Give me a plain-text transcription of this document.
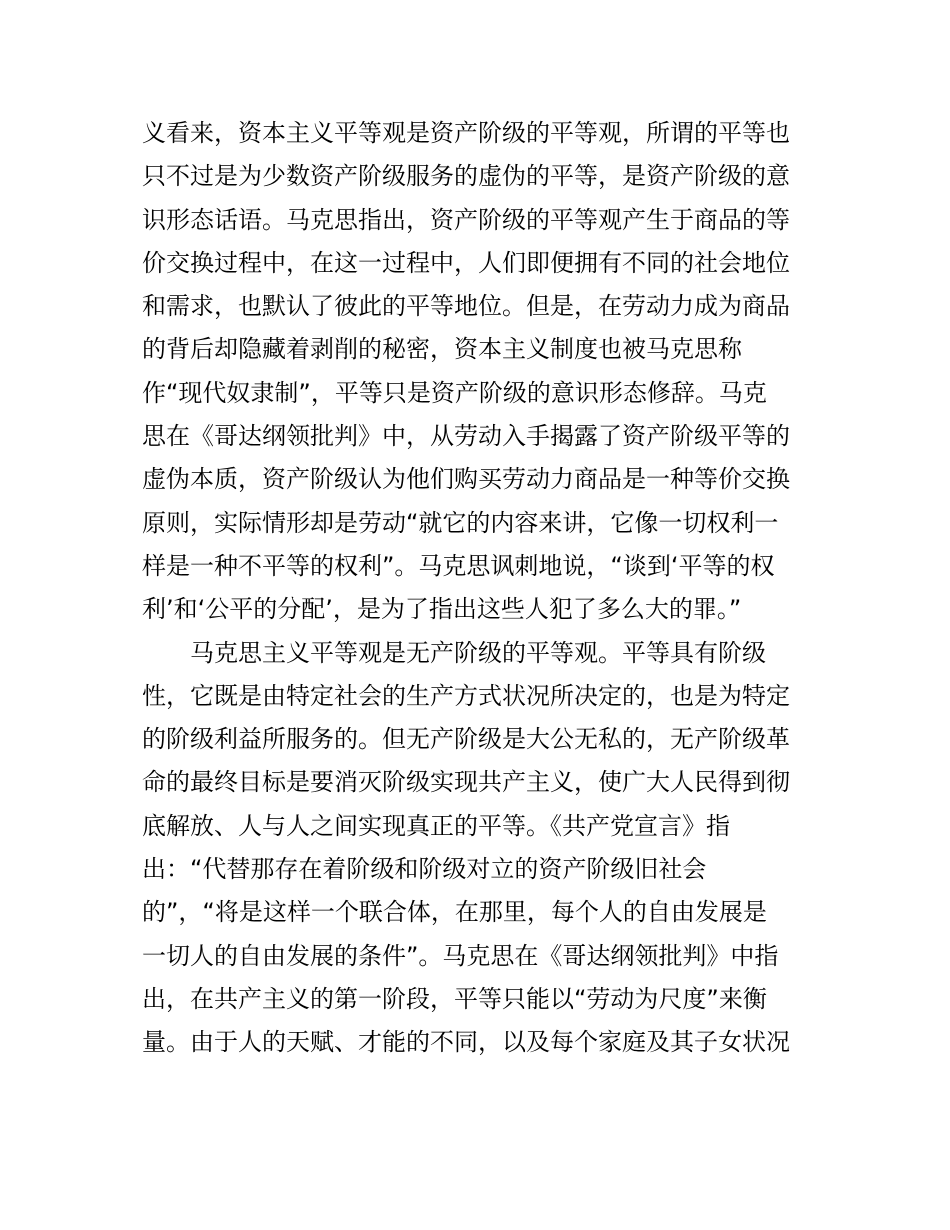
义看来，资本主义平等观是资产阶级的平等观，所谓的平等也
只不过是为少数资产阶级服务的虚伪的平等，是资产阶级的意
识形态话语。马克思指出，资产阶级的平等观产生于商品的等
价交换过程中，在这一过程中，人们即便拥有不同的社会地位
和需求，也默认了彼此的平等地位。但是，在劳动力成为商品
的背后却隐藏着剥削的秘密，资本主义制度也被马克思称
作“现代奴隶制”，平等只是资产阶级的意识形态修辞。马克
思在《哥达纲领批判》中，从劳动入手揭露了资产阶级平等的
虚伪本质，资产阶级认为他们购买劳动力商品是一种等价交换
原则，实际情形却是劳动“就它的内容来讲，它像一切权利一
样是一种不平等的权利”。马克思讽刺地说，“谈到‘平等的权
利’和‘公平的分配’，是为了指出这些人犯了多么大的罪。”
　　马克思主义平等观是无产阶级的平等观。平等具有阶级
性，它既是由特定社会的生产方式状况所决定的，也是为特定
的阶级利益所服务的。但无产阶级是大公无私的，无产阶级革
命的最终目标是要消灭阶级实现共产主义，使广大人民得到彻
底解放、人与人之间实现真正的平等。《共产党宣言》指
出：“代替那存在着阶级和阶级对立的资产阶级旧社会
的”，“将是这样一个联合体，在那里，每个人的自由发展是
一切人的自由发展的条件”。马克思在《哥达纲领批判》中指
出，在共产主义的第一阶段，平等只能以“劳动为尺度”来衡
量。由于人的天赋、才能的不同，以及每个家庭及其子女状况
